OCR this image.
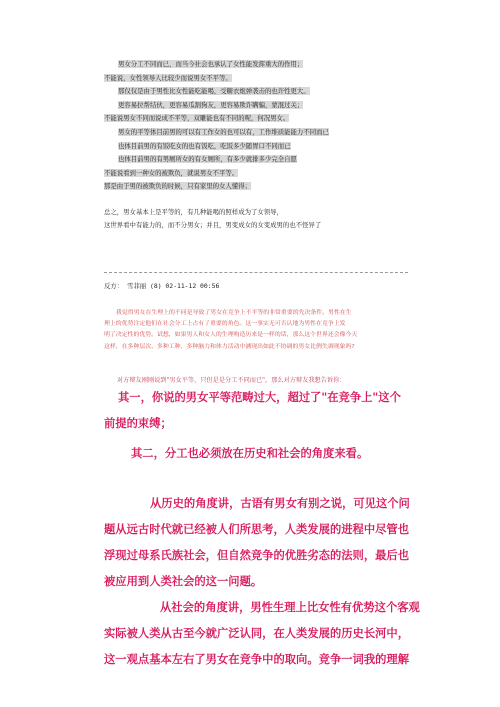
男女分工不同而已，而当今社会也承认了女性能发挥重大的作用；
不能说，女性领导人比较少而说男女不平等。
那仅仅是由于男性比女性能吃能喝，受糖衣炮弹袭击的也许性更大。
更容易拉帮结伙，更容易瓜割狗友，更容易欺诈瞒骗，蒙混过关；
不能说男女不同而说成不平等，双雕能也有不同的呢，何况男女。
男女的平等体目前男的可以有工作女的也可以有，工作堆质能能力不同而已
也体目前男的有饭吃女的也有饭吃，吃饭多少随胃口不同而已
也体目前男的有男厕所女的有女厕所，有多少就排多少完全自愿
不能说看到一种女的被欺负，就说男女不平等。
那是由于男的被欺负的时候，只有家里的女人懂得；
总之，男女基本上是平等的，有几种能喝的照样成为了女领导，
这世界看中有能力的，而不分男女；并且，男变成女的女变成男的也不怪异了
反方： 雪菲丽 (8) 02-11-12 00:56
我觉得男女在生理上的不同是导致了男女在竞争上不平等的非常重要的先决条件。男性在生
理上的优势注定他们在社会分工上占有了重要的角色。这一事实无可否认地为男性在竞争上发
明了决定性的优势。试想，如果男人和女人的生理构造历来是一样的话，那么这个世界还会像今天
这样，在多种层次、多种工种、多种脑力和体力活动中涵现出如此不协调的男女比例失调现象吗?
对方辩友刚刚说到"男女平等，只但是是分工不同而已"，那么对方辩友我想告诉你：
其一，你说的男女平等范畴过大，超过了"在竞争上"这个
前提的束缚；
其二，分工也必须放在历史和社会的角度来看。
从历史的角度讲，古语有男女有别之说，可见这个问
题从远古时代就已经被人们所思考，人类发展的进程中尽管也
浮现过母系氏族社会，但自然竞争的优胜劣态的法则，最后也
被应用到人类社会的这一问题。
从社会的角度讲，男性生理上比女性有优势这个客观
实际被人类从古至今就广泛认同，在人类发展的历史长河中，
这一观点基本左右了男女在竞争中的取向。竞争一词我的理解
